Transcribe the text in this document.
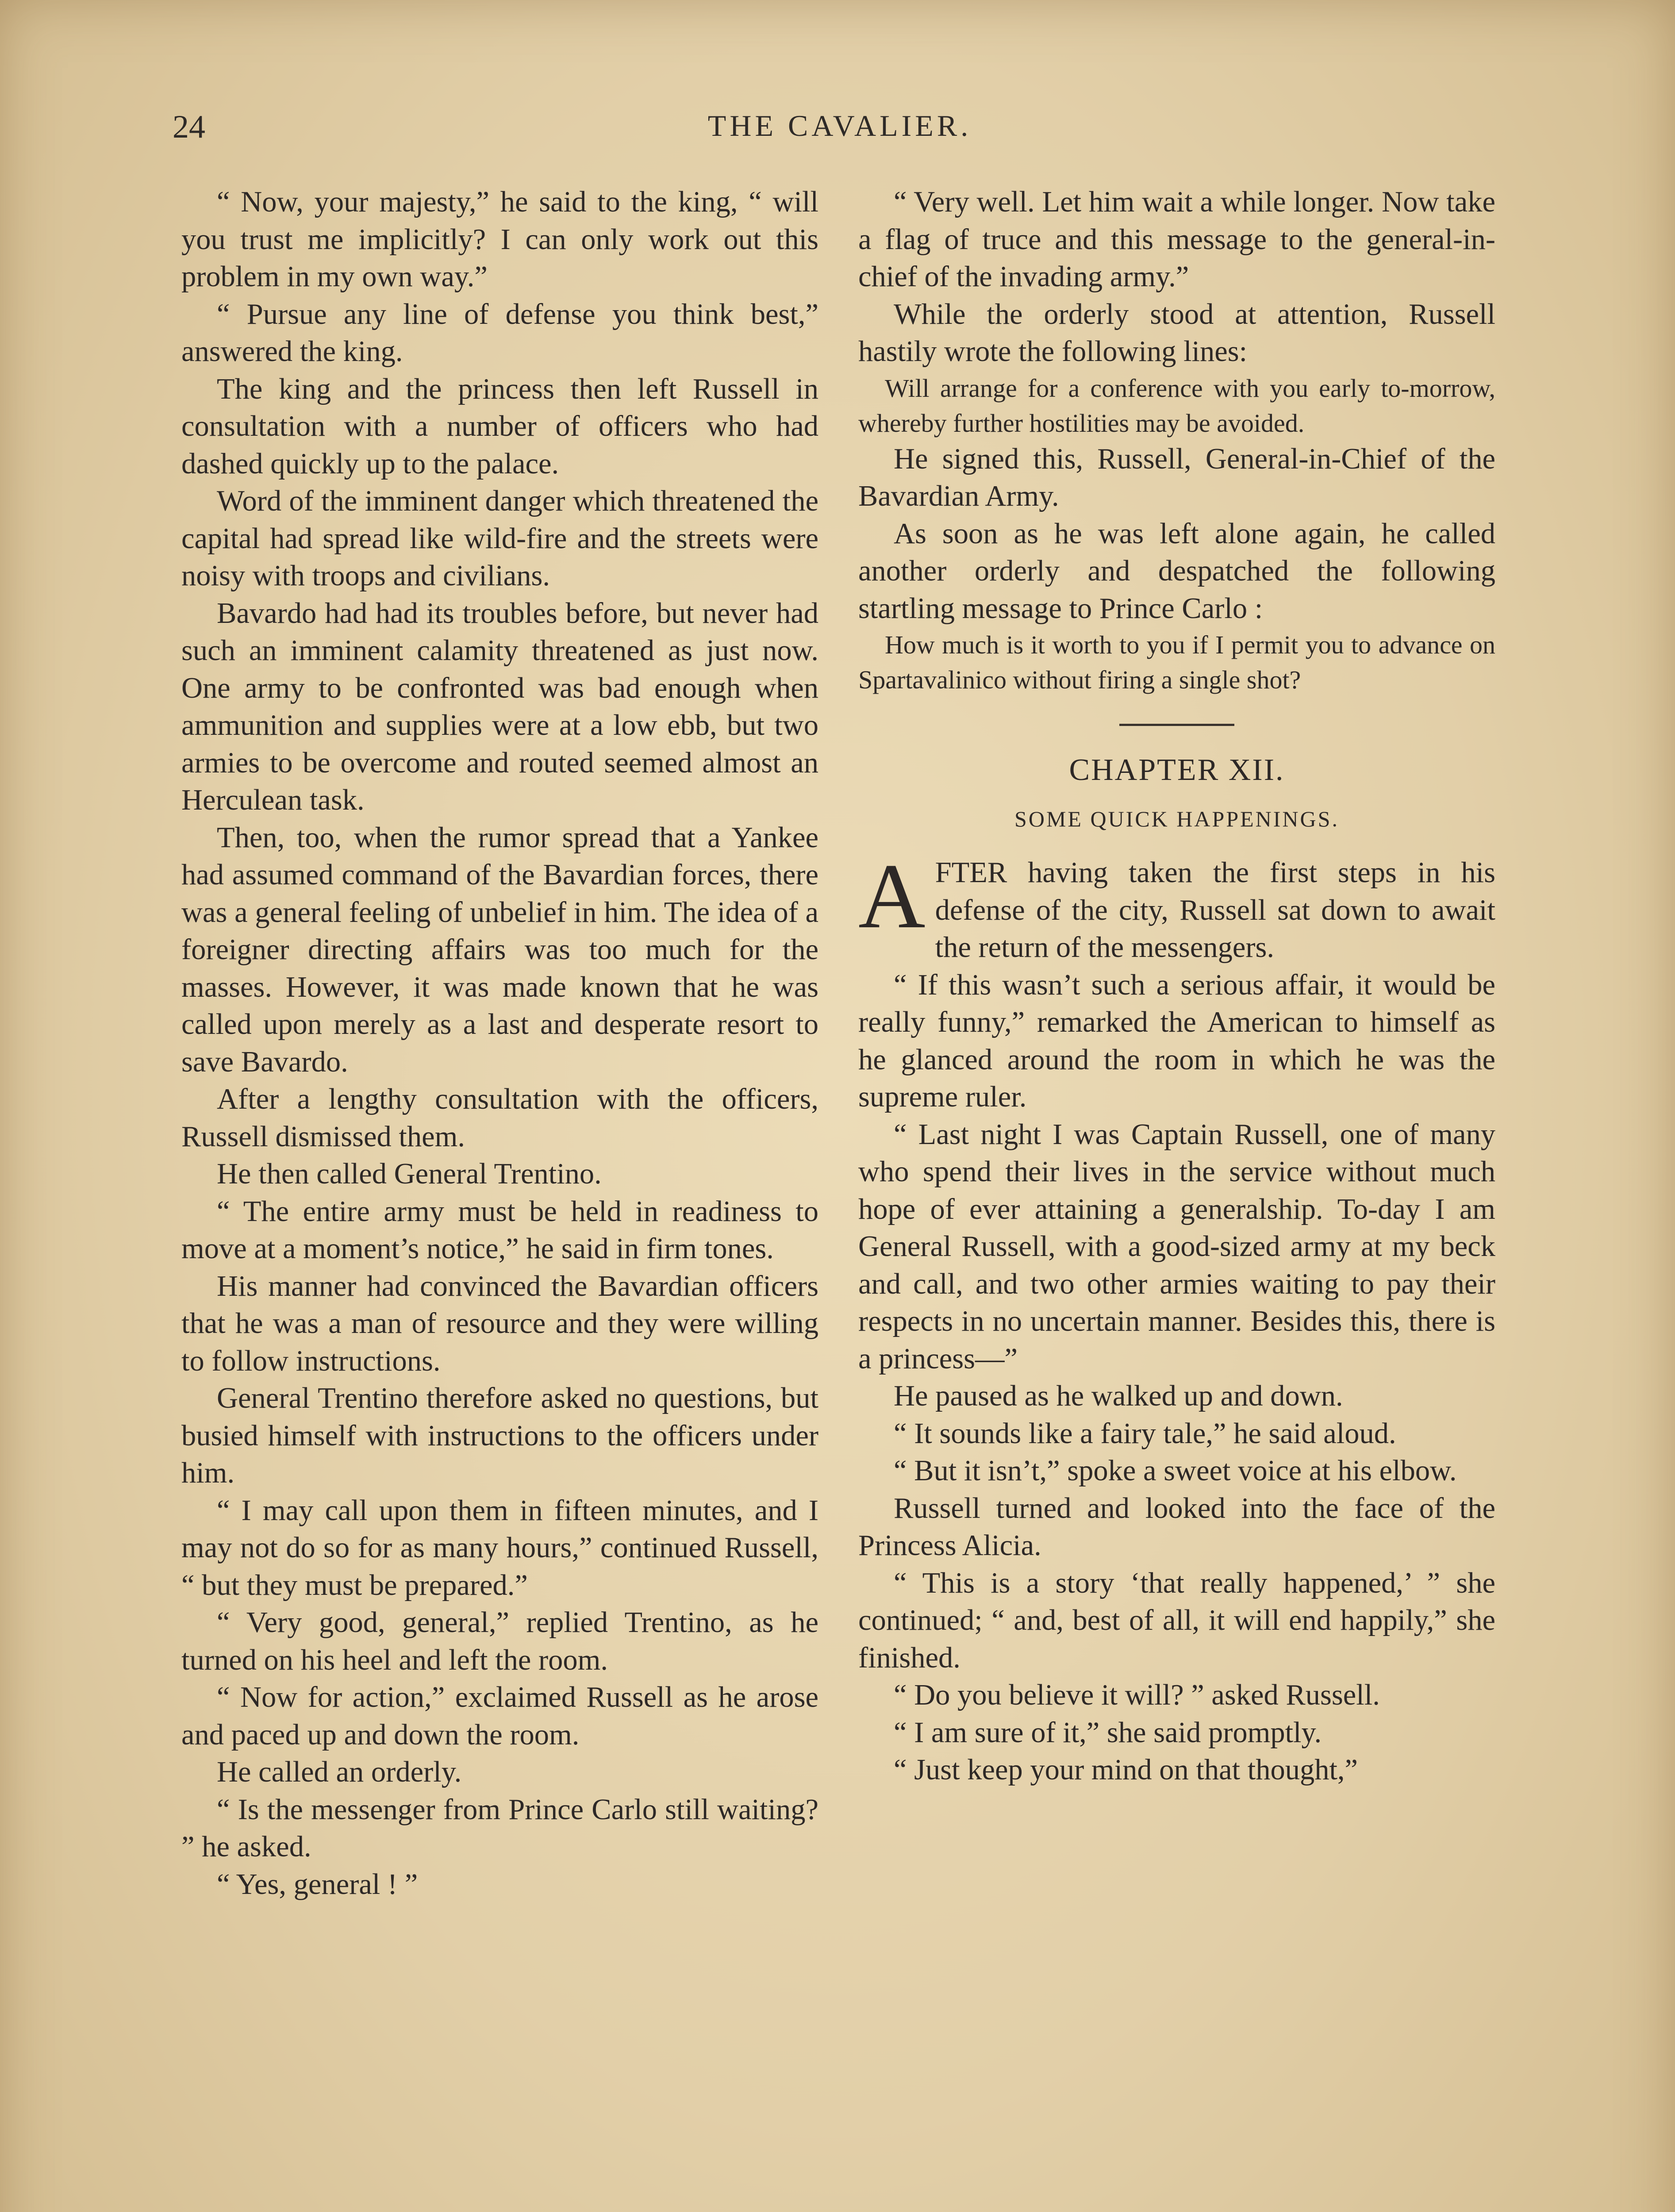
24	THE CAVALIER.

“ Now, your majesty,” he said to the king, “ will you trust me implicitly? I can only work out this problem in my own way.”

“ Pursue any line of defense you think best,” answered the king.

The king and the princess then left Russell in consultation with a number of officers who had dashed quickly up to the palace.

Word of the imminent danger which threatened the capital had spread like wild-fire and the streets were noisy with troops and civilians.

Bavardo had had its troubles before, but never had such an imminent calamity threatened as just now. One army to be confronted was bad enough when ammunition and supplies were at a low ebb, but two armies to be overcome and routed seemed almost an Herculean task.

Then, too, when the rumor spread that a Yankee had assumed command of the Bavardian forces, there was a general feeling of unbelief in him. The idea of a foreigner directing affairs was too much for the masses. However, it was made known that he was called upon merely as a last and desperate resort to save Bavardo.

After a lengthy consultation with the officers, Russell dismissed them.

He then called General Trentino.

“ The entire army must be held in readiness to move at a moment’s notice,” he said in firm tones.

His manner had convinced the Bavardian officers that he was a man of resource and they were willing to follow instructions.

General Trentino therefore asked no questions, but busied himself with instructions to the officers under him.

“ I may call upon them in fifteen minutes, and I may not do so for as many hours,” continued Russell, “ but they must be prepared.”

“ Very good, general,” replied Trentino, as he turned on his heel and left the room.

“ Now for action,” exclaimed Russell as he arose and paced up and down the room.

He called an orderly.

“ Is the messenger from Prince Carlo still waiting? ” he asked.

“ Yes, general ! ”

“ Very well. Let him wait a while longer. Now take a flag of truce and this message to the general-in-chief of the invading army.”

While the orderly stood at attention, Russell hastily wrote the following lines:

Will arrange for a conference with you early to-morrow, whereby further hostilities may be avoided.

He signed this, Russell, General-in-Chief of the Bavardian Army.

As soon as he was left alone again, he called another orderly and despatched the following startling message to Prince Carlo :

How much is it worth to you if I permit you to advance on Spartavalinico without firing a single shot?

CHAPTER XII.
SOME QUICK HAPPENINGS.

AFTER having taken the first steps in his defense of the city, Russell sat down to await the return of the messengers.

“ If this wasn’t such a serious affair, it would be really funny,” remarked the American to himself as he glanced around the room in which he was the supreme ruler.

“ Last night I was Captain Russell, one of many who spend their lives in the service without much hope of ever attaining a generalship. To-day I am General Russell, with a good-sized army at my beck and call, and two other armies waiting to pay their respects in no uncertain manner. Besides this, there is a princess—”

He paused as he walked up and down.

“ It sounds like a fairy tale,” he said aloud.

“ But it isn’t,” spoke a sweet voice at his elbow.

Russell turned and looked into the face of the Princess Alicia.

“ This is a story ‘that really happened,’ ” she continued; “ and, best of all, it will end happily,” she finished.

“ Do you believe it will? ” asked Russell.

“ I am sure of it,” she said promptly.

“ Just keep your mind on that thought,”
